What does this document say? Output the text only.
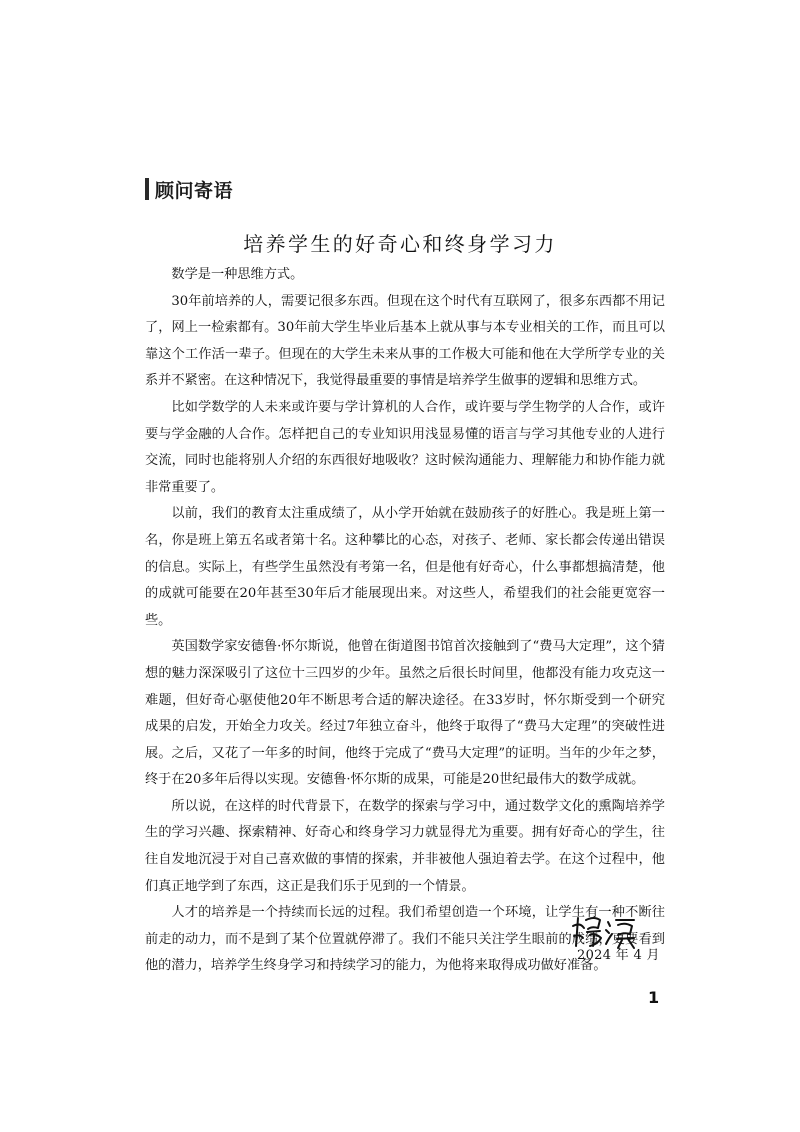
顾问寄语
培养学生的好奇心和终身学习力

数学是一种思维方式。

30年前培养的人，需要记很多东西。但现在这个时代有互联网了，很多东西都不用记了，网上一检索都有。30年前大学生毕业后基本上就从事与本专业相关的工作，而且可以靠这个工作活一辈子。但现在的大学生未来从事的工作极大可能和他在大学所学专业的关系并不紧密。在这种情况下，我觉得最重要的事情是培养学生做事的逻辑和思维方式。

比如学数学的人未来或许要与学计算机的人合作，或许要与学生物学的人合作，或许要与学金融的人合作。怎样把自己的专业知识用浅显易懂的语言与学习其他专业的人进行交流，同时也能将别人介绍的东西很好地吸收？这时候沟通能力、理解能力和协作能力就非常重要了。

以前，我们的教育太注重成绩了，从小学开始就在鼓励孩子的好胜心。我是班上第一名，你是班上第五名或者第十名。这种攀比的心态，对孩子、老师、家长都会传递出错误的信息。实际上，有些学生虽然没有考第一名，但是他有好奇心，什么事都想搞清楚，他的成就可能要在20年甚至30年后才能展现出来。对这些人，希望我们的社会能更宽容一些。

英国数学家安德鲁·怀尔斯说，他曾在街道图书馆首次接触到了“费马大定理”，这个猜想的魅力深深吸引了这位十三四岁的少年。虽然之后很长时间里，他都没有能力攻克这一难题，但好奇心驱使他20年不断思考合适的解决途径。在33岁时，怀尔斯受到一个研究成果的启发，开始全力攻关。经过7年独立奋斗，他终于取得了“费马大定理”的突破性进展。之后，又花了一年多的时间，他终于完成了“费马大定理”的证明。当年的少年之梦，终于在20多年后得以实现。安德鲁·怀尔斯的成果，可能是20世纪最伟大的数学成就。

所以说，在这样的时代背景下，在数学的探索与学习中，通过数学文化的熏陶培养学生的学习兴趣、探索精神、好奇心和终身学习力就显得尤为重要。拥有好奇心的学生，往往自发地沉浸于对自己喜欢做的事情的探索，并非被他人强迫着去学。在这个过程中，他们真正地学到了东西，这正是我们乐于见到的一个情景。

人才的培养是一个持续而长远的过程。我们希望创造一个环境，让学生有一种不断往前走的动力，而不是到了某个位置就停滞了。我们不能只关注学生眼前的成绩，更要看到他的潜力，培养学生终身学习和持续学习的能力，为他将来取得成功做好准备。

2024 年 4 月
1
